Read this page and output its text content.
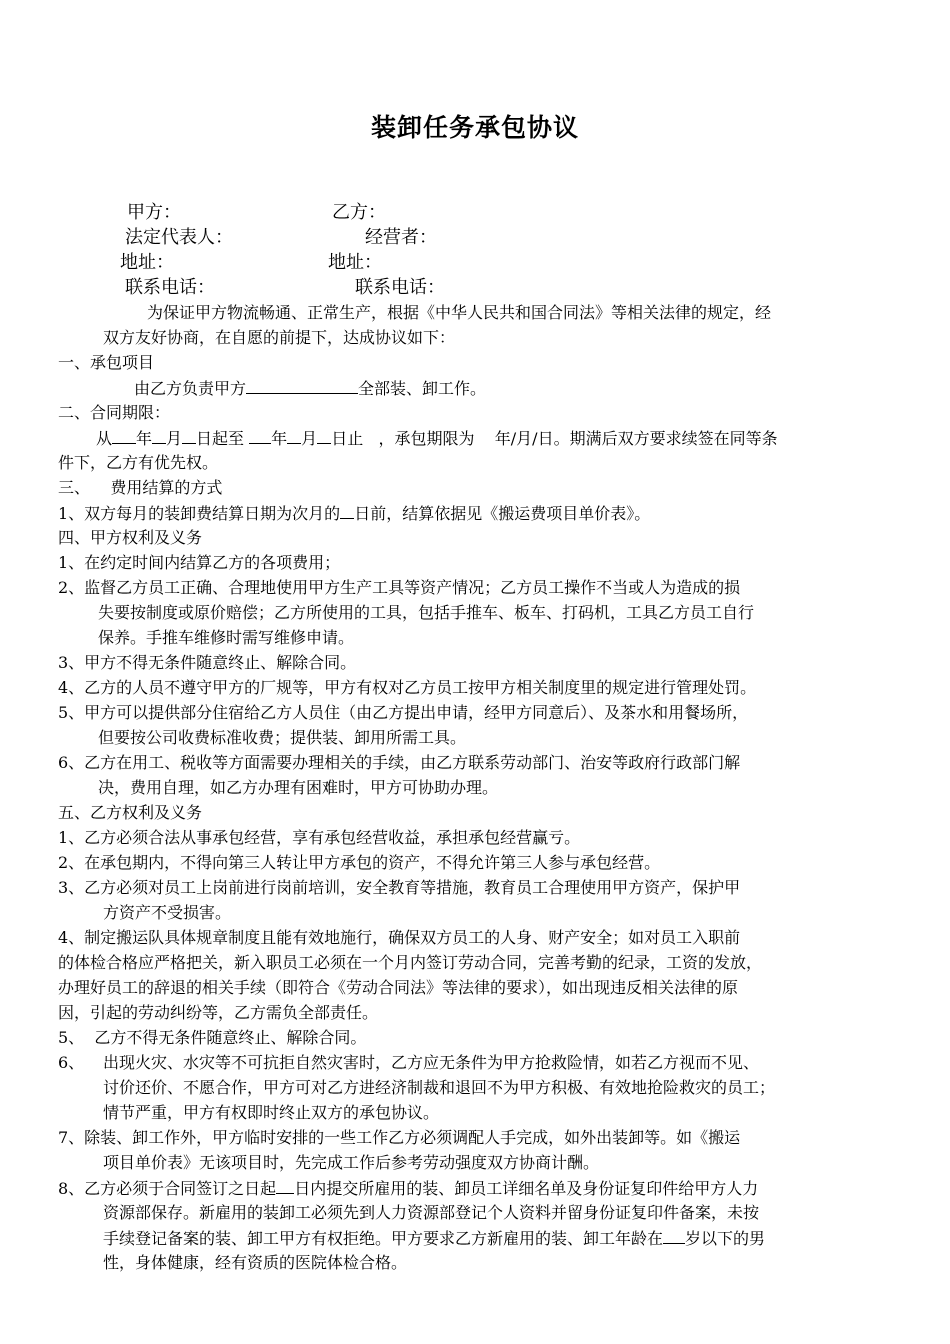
装卸任务承包协议
甲方：	乙方：
法定代表人：	经营者：
地址：	地址：
联系电话：	联系电话：
为保证甲方物流畅通、正常生产，根据《中华人民共和国合同法》等相关法律的规定，经
双方友好协商，在自愿的前提下，达成协议如下：
一、承包项目
由乙方负责甲方	全部装、卸工作。
二、合同期限：
从 年 月 日起至 年 月 日止   ，承包期限为    年/月/日。期满后双方要求续签在同等条
件下，乙方有优先权。
三、    费用结算的方式
1、双方每月的装卸费结算日期为次月的 日前，结算依据见《搬运费项目单价表》。
四、甲方权利及义务
1、在约定时间内结算乙方的各项费用；
2、监督乙方员工正确、合理地使用甲方生产工具等资产情况；乙方员工操作不当或人为造成的损
失要按制度或原价赔偿；乙方所使用的工具，包括手推车、板车、打码机，工具乙方员工自行
保养。手推车维修时需写维修申请。
3、甲方不得无条件随意终止、解除合同。
4、乙方的人员不遵守甲方的厂规等，甲方有权对乙方员工按甲方相关制度里的规定进行管理处罚。
5、甲方可以提供部分住宿给乙方人员住（由乙方提出申请，经甲方同意后）、及茶水和用餐场所，
但要按公司收费标准收费；提供装、卸用所需工具。
6、乙方在用工、税收等方面需要办理相关的手续，由乙方联系劳动部门、治安等政府行政部门解
决，费用自理，如乙方办理有困难时，甲方可协助办理。
五、乙方权利及义务
1、乙方必须合法从事承包经营，享有承包经营收益，承担承包经营赢亏。
2、在承包期内，不得向第三人转让甲方承包的资产，不得允许第三人参与承包经营。
3、乙方必须对员工上岗前进行岗前培训，安全教育等措施，教育员工合理使用甲方资产，保护甲
方资产不受损害。
4、制定搬运队具体规章制度且能有效地施行，确保双方员工的人身、财产安全；如对员工入职前
的体检合格应严格把关，新入职员工必须在一个月内签订劳动合同，完善考勤的纪录，工资的发放，
办理好员工的辞退的相关手续（即符合《劳动合同法》等法律的要求），如出现违反相关法律的原
因，引起的劳动纠纷等，乙方需负全部责任。
5、  乙方不得无条件随意终止、解除合同。
6、 出现火灾、水灾等不可抗拒自然灾害时，乙方应无条件为甲方抢救险情，如若乙方视而不见、
讨价还价、不愿合作，甲方可对乙方进经济制裁和退回不为甲方积极、有效地抢险救灾的员工；
情节严重，甲方有权即时终止双方的承包协议。
7、除装、卸工作外，甲方临时安排的一些工作乙方必须调配人手完成，如外出装卸等。如《搬运
项目单价表》无该项目时，先完成工作后参考劳动强度双方协商计酬。
8、乙方必须于合同签订之日起 日内提交所雇用的装、卸员工详细名单及身份证复印件给甲方人力
资源部保存。新雇用的装卸工必须先到人力资源部登记个人资料并留身份证复印件备案，未按
手续登记备案的装、卸工甲方有权拒绝。甲方要求乙方新雇用的装、卸工年龄在 岁以下的男
性，身体健康，经有资质的医院体检合格。
